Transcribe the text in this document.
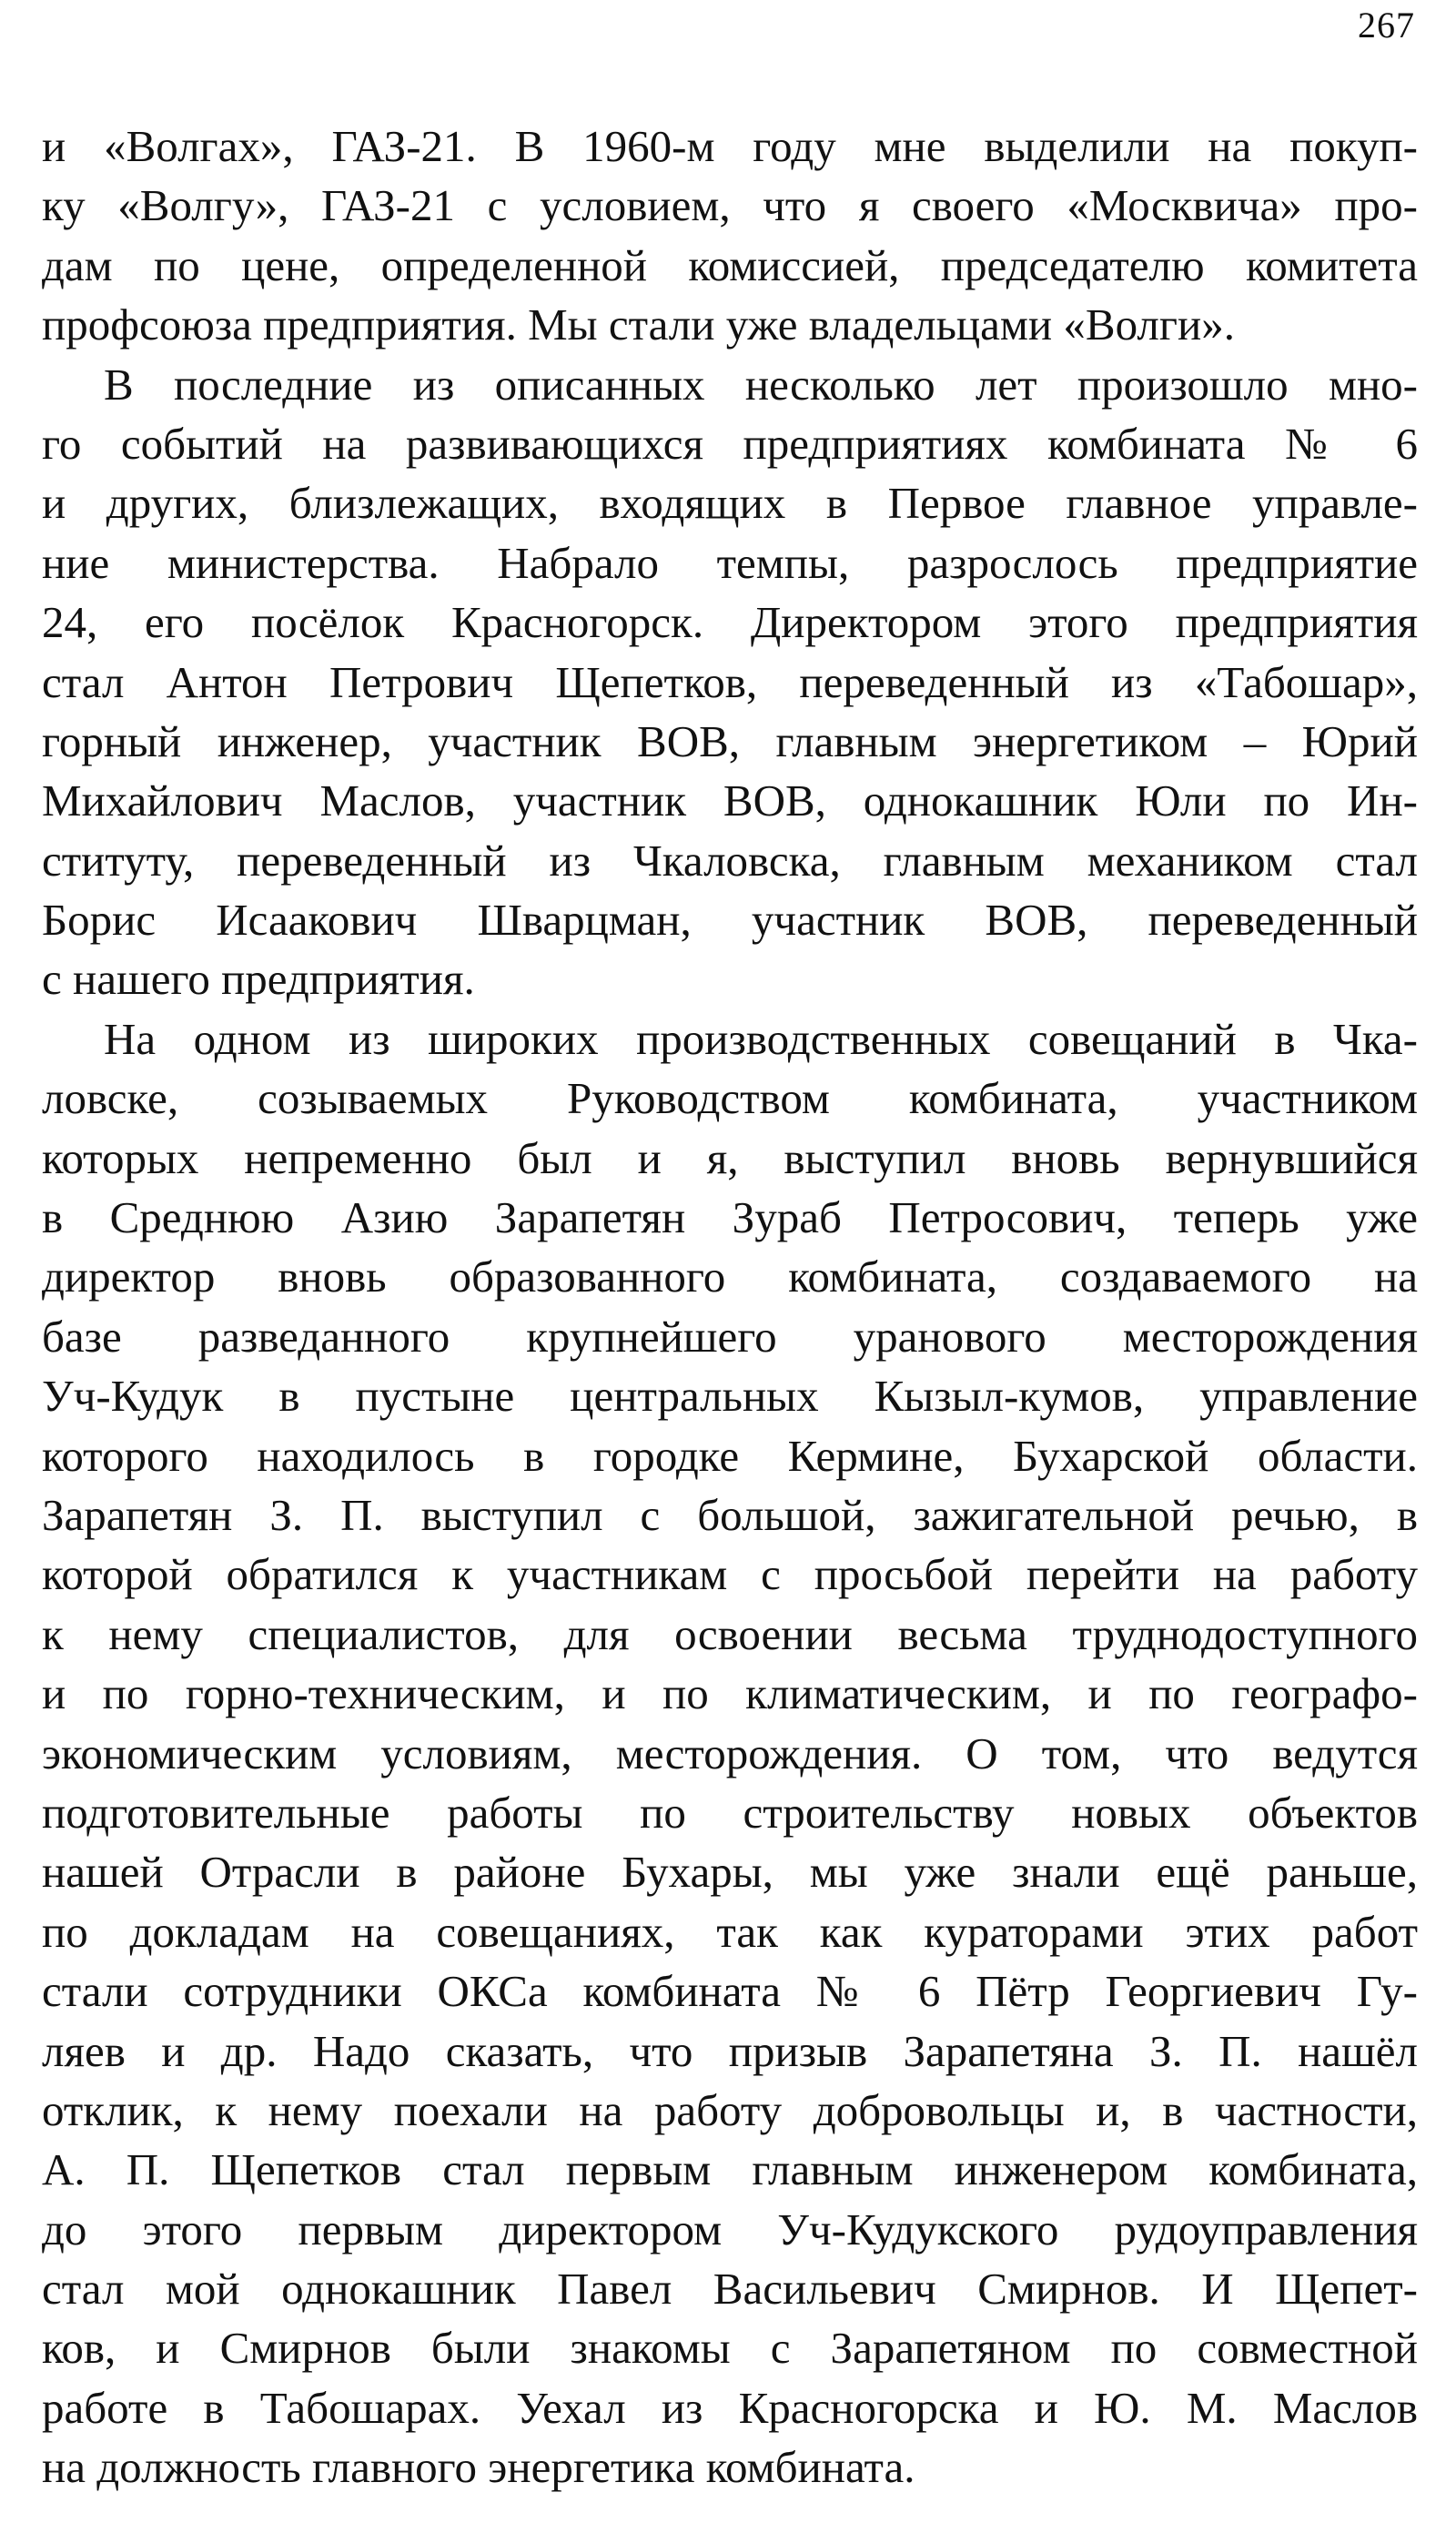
267
и «Волгах», ГАЗ-21. В 1960-м году мне выделили на покуп-
ку «Волгу», ГАЗ-21 с условием, что я своего «Москвича» про-
дам по цене, определенной комиссией, председателю комитета
профсоюза предприятия. Мы стали уже владельцами «Волги».
В последние из описанных несколько лет произошло мно-
го событий на развивающихся предприятиях комбината № 6
и других, близлежащих, входящих в Первое главное управле-
ние министерства. Набрало темпы, разрослось предприятие
24, его посёлок Красногорск. Директором этого предприятия
стал Антон Петрович Щепетков, переведенный из «Табошар»,
горный инженер, участник ВОВ, главным энергетиком – Юрий
Михайлович Маслов, участник ВОВ, однокашник Юли по Ин-
ституту, переведенный из Чкаловска, главным механиком стал
Борис Исаакович Шварцман, участник ВОВ, переведенный
с нашего предприятия.
На одном из широких производственных совещаний в Чка-
ловске, созываемых Руководством комбината, участником
которых непременно был и я, выступил вновь вернувшийся
в Среднюю Азию Зарапетян Зураб Петросович, теперь уже
директор вновь образованного комбината, создаваемого на
базе разведанного крупнейшего уранового месторождения
Уч-Кудук в пустыне центральных Кызыл-кумов, управление
которого находилось в городке Кермине, Бухарской области.
Зарапетян З. П. выступил с большой, зажигательной речью, в
которой обратился к участникам с просьбой перейти на работу
к нему специалистов, для освоении весьма труднодоступного
и по горно-техническим, и по климатическим, и по географо-
экономическим условиям, месторождения. О том, что ведутся
подготовительные работы по строительству новых объектов
нашей Отрасли в районе Бухары, мы уже знали ещё раньше,
по докладам на совещаниях, так как кураторами этих работ
стали сотрудники ОКСа комбината № 6 Пётр Георгиевич Гу-
ляев и др. Надо сказать, что призыв Зарапетяна З. П. нашёл
отклик, к нему поехали на работу добровольцы и, в частности,
А. П. Щепетков стал первым главным инженером комбината,
до этого первым директором Уч-Кудукского рудоуправления
стал мой однокашник Павел Васильевич Смирнов. И Щепет-
ков, и Смирнов были знакомы с Зарапетяном по совместной
работе в Табошарах. Уехал из Красногорска и Ю. М. Маслов
на должность главного энергетика комбината.
